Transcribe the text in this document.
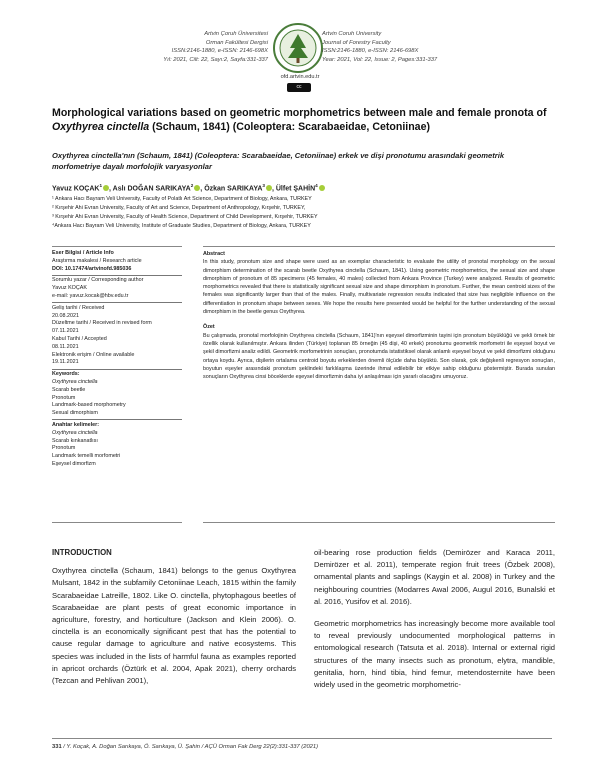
Artvin Çoruh Üniversitesi
Orman Fakültesi Dergisi
ISSN:2146-1880, e-ISSN: 2146-698X
Yıl: 2021, Cilt: 22, Sayı:2, Sayfa:331-337
Artvin Coruh University
Journal of Forestry Faculty
ISSN:2146-1880, e-ISSN: 2146-698X
Year: 2021, Vol: 22, Issue: 2, Pages:331-337
ofd.artvin.edu.tr
cc
Morphological variations based on geometric morphometrics between male and female pronota of
Oxythyrea cinctella (Schaum, 1841) (Coleoptera: Scarabaeidae, Cetoniinae)
Oxythyrea cinctella'nın (Schaum, 1841) (Coleoptera: Scarabaeidae, Cetoniinae) erkek ve dişi pronotumu arasındaki geometrik morfometriye dayalı morfolojik varyasyonlar
Yavuz KOÇAK$^1$ , Aslı DOĞAN SARIKAYA$^2$ , Özkan SARIKAYA$^3$ , Ülfet ŞAHİN$^4$
¹ Ankara Hacı Bayram Veli University, Faculty of Polatlı Art Science, Department of Biology, Ankara, TURKEY
² Kırşehir Ahi Evran University, Faculty of Art and Science, Department of Anthropology, Kırşehir, TURKEY,
³ Kırşehir Ahi Evran University, Faculty of Health Science, Department of Child Development, Kırşehir, TURKEY
⁴Ankara Hacı Bayram Veli University, Institute of Graduate Studies, Department of Biology, Ankara, TURKEY
Eser Bilgisi / Article Info
Araştırma makalesi / Research article
DOI: 10.17474/artvinofd.985036
Sorumlu yazar / Corresponding author
Yavuz KOÇAK
e-mail: yavuz.kocak@hbv.edu.tr
Geliş tarihi / Received
20.08.2021
Düzeltme tarihi / Received in revised form
07.11.2021
Kabul Tarihi / Accepted
08.11.2021
Elektronik erişim / Online available
19.11.2021
Keywords:
Oxythyrea cinctella
Scarab beetle
Pronotum
Landmark-based morphometry
Sexual dimorphism
Anahtar kelimeler:
Oxythyrea cinctella
Scarab kınkanatlısı
Pronotum
Landmark temelli morfometri
Eşeysel dimorfizm
Abstract
In this study, pronotum size and shape were used as an exemplar characteristic to evaluate the utility of pronotal morphology on the sexual dimorphism determination of the scarab beetle Oxythyrea cinctella (Schaum, 1841). Using geometric morphometrics, the sexual size and shape dimorphism of pronotum of 85 specimens (45 females, 40 males) collected from Ankara Province (Turkey) were analyzed. Results of geometric morphometrics revealed that there is statistically significant sexual size and shape dimorphism in pronotum. Further, the mean centroid sizes of the females was significantly larger than that of the males. Finally, multivariate regression results indicated that size has negligible influence on the differentiation in pronotum shape between sexes. We hope the results here presented would be helpful for the further understanding of the sexual dimorphism in the beetle genus Oxythyrea.
Özet
Bu çalışmada, pronotal morfolojinin Oxythyrea cinctella (Schaum, 1841)'nın eşeysel dimorfizminin tayini için pronotum büyüklüğü ve şekli örnek bir özellik olarak kullanılmıştır. Ankara ilinden (Türkiye) toplanan 85 örneğin (45 dişi, 40 erkek) pronotumu geometrik morfometri ile eşeysel boyut ve şekil dimorfizmi analiz edildi. Geometrik morfometrinin sonuçları, pronotumda istatistiksel olarak anlamlı eşeysel boyut ve şekil dimorfizmi olduğunu ortaya koydu. Ayrıca, dişilerin ortalama centroid boyutu erkeklerden önemli ölçüde daha büyüktü. Son olarak, çok değişkenli regresyon sonuçları, boyutun eşeyler arasındaki pronotum şeklindeki farklılaşma üzerinde ihmal edilebilir bir etkiye sahip olduğunu göstermiştir. Burada sunulan sonuçların Oxythyrea cinsi böceklerde eşeysel dimorfizmin daha iyi anlaşılması için yararlı olacağını umuyoruz.
INTRODUCTION
Oxythyrea cinctella (Schaum, 1841) belongs to the genus Oxythyrea Mulsant, 1842 in the subfamily Cetoniinae Leach, 1815 within the family Scarabaeidae Latreille, 1802. Like O. cinctella, phytophagous beetles of Scarabaeidae are plant pests of great economic importance in agriculture, forestry, and horticulture (Jackson and Klein 2006). O. cinctella is an economically significant pest that has the potential to cause regular damage to agriculture and native ecosystems. This species was included in the lists of harmful fauna as examples reported in apricot orchards (Öztürk et al. 2004, Apak 2021), cherry orchards (Tezcan and Pehlivan 2001),
oil-bearing rose production fields (Demirözer and Karaca 2011, Demirözer et al. 2011), temperate region fruit trees (Özbek 2008), ornamental plants and saplings (Kaygin et al. 2008) in Turkey and the neighbouring countries (Modarres Awal 2006, Augul 2016, Bunalski et al. 2016, Yusifov et al. 2016).
Geometric morphometrics has increasingly become more available tool to reveal previously undocumented morphological patterns in entomological research (Tatsuta et al. 2018). Internal or external rigid structures of the many insects such as pronotum, elytra, mandible, genitalia, horn, hind tibia, hind femur, metendosternite have been widely used in the geometric morphometric-
331 / Y. Koçak, A. Doğan Sarıkaya, Ö. Sarıkaya, Ü. Şahin / AÇÜ Orman Fak Derg 22(2):331-337 (2021)
